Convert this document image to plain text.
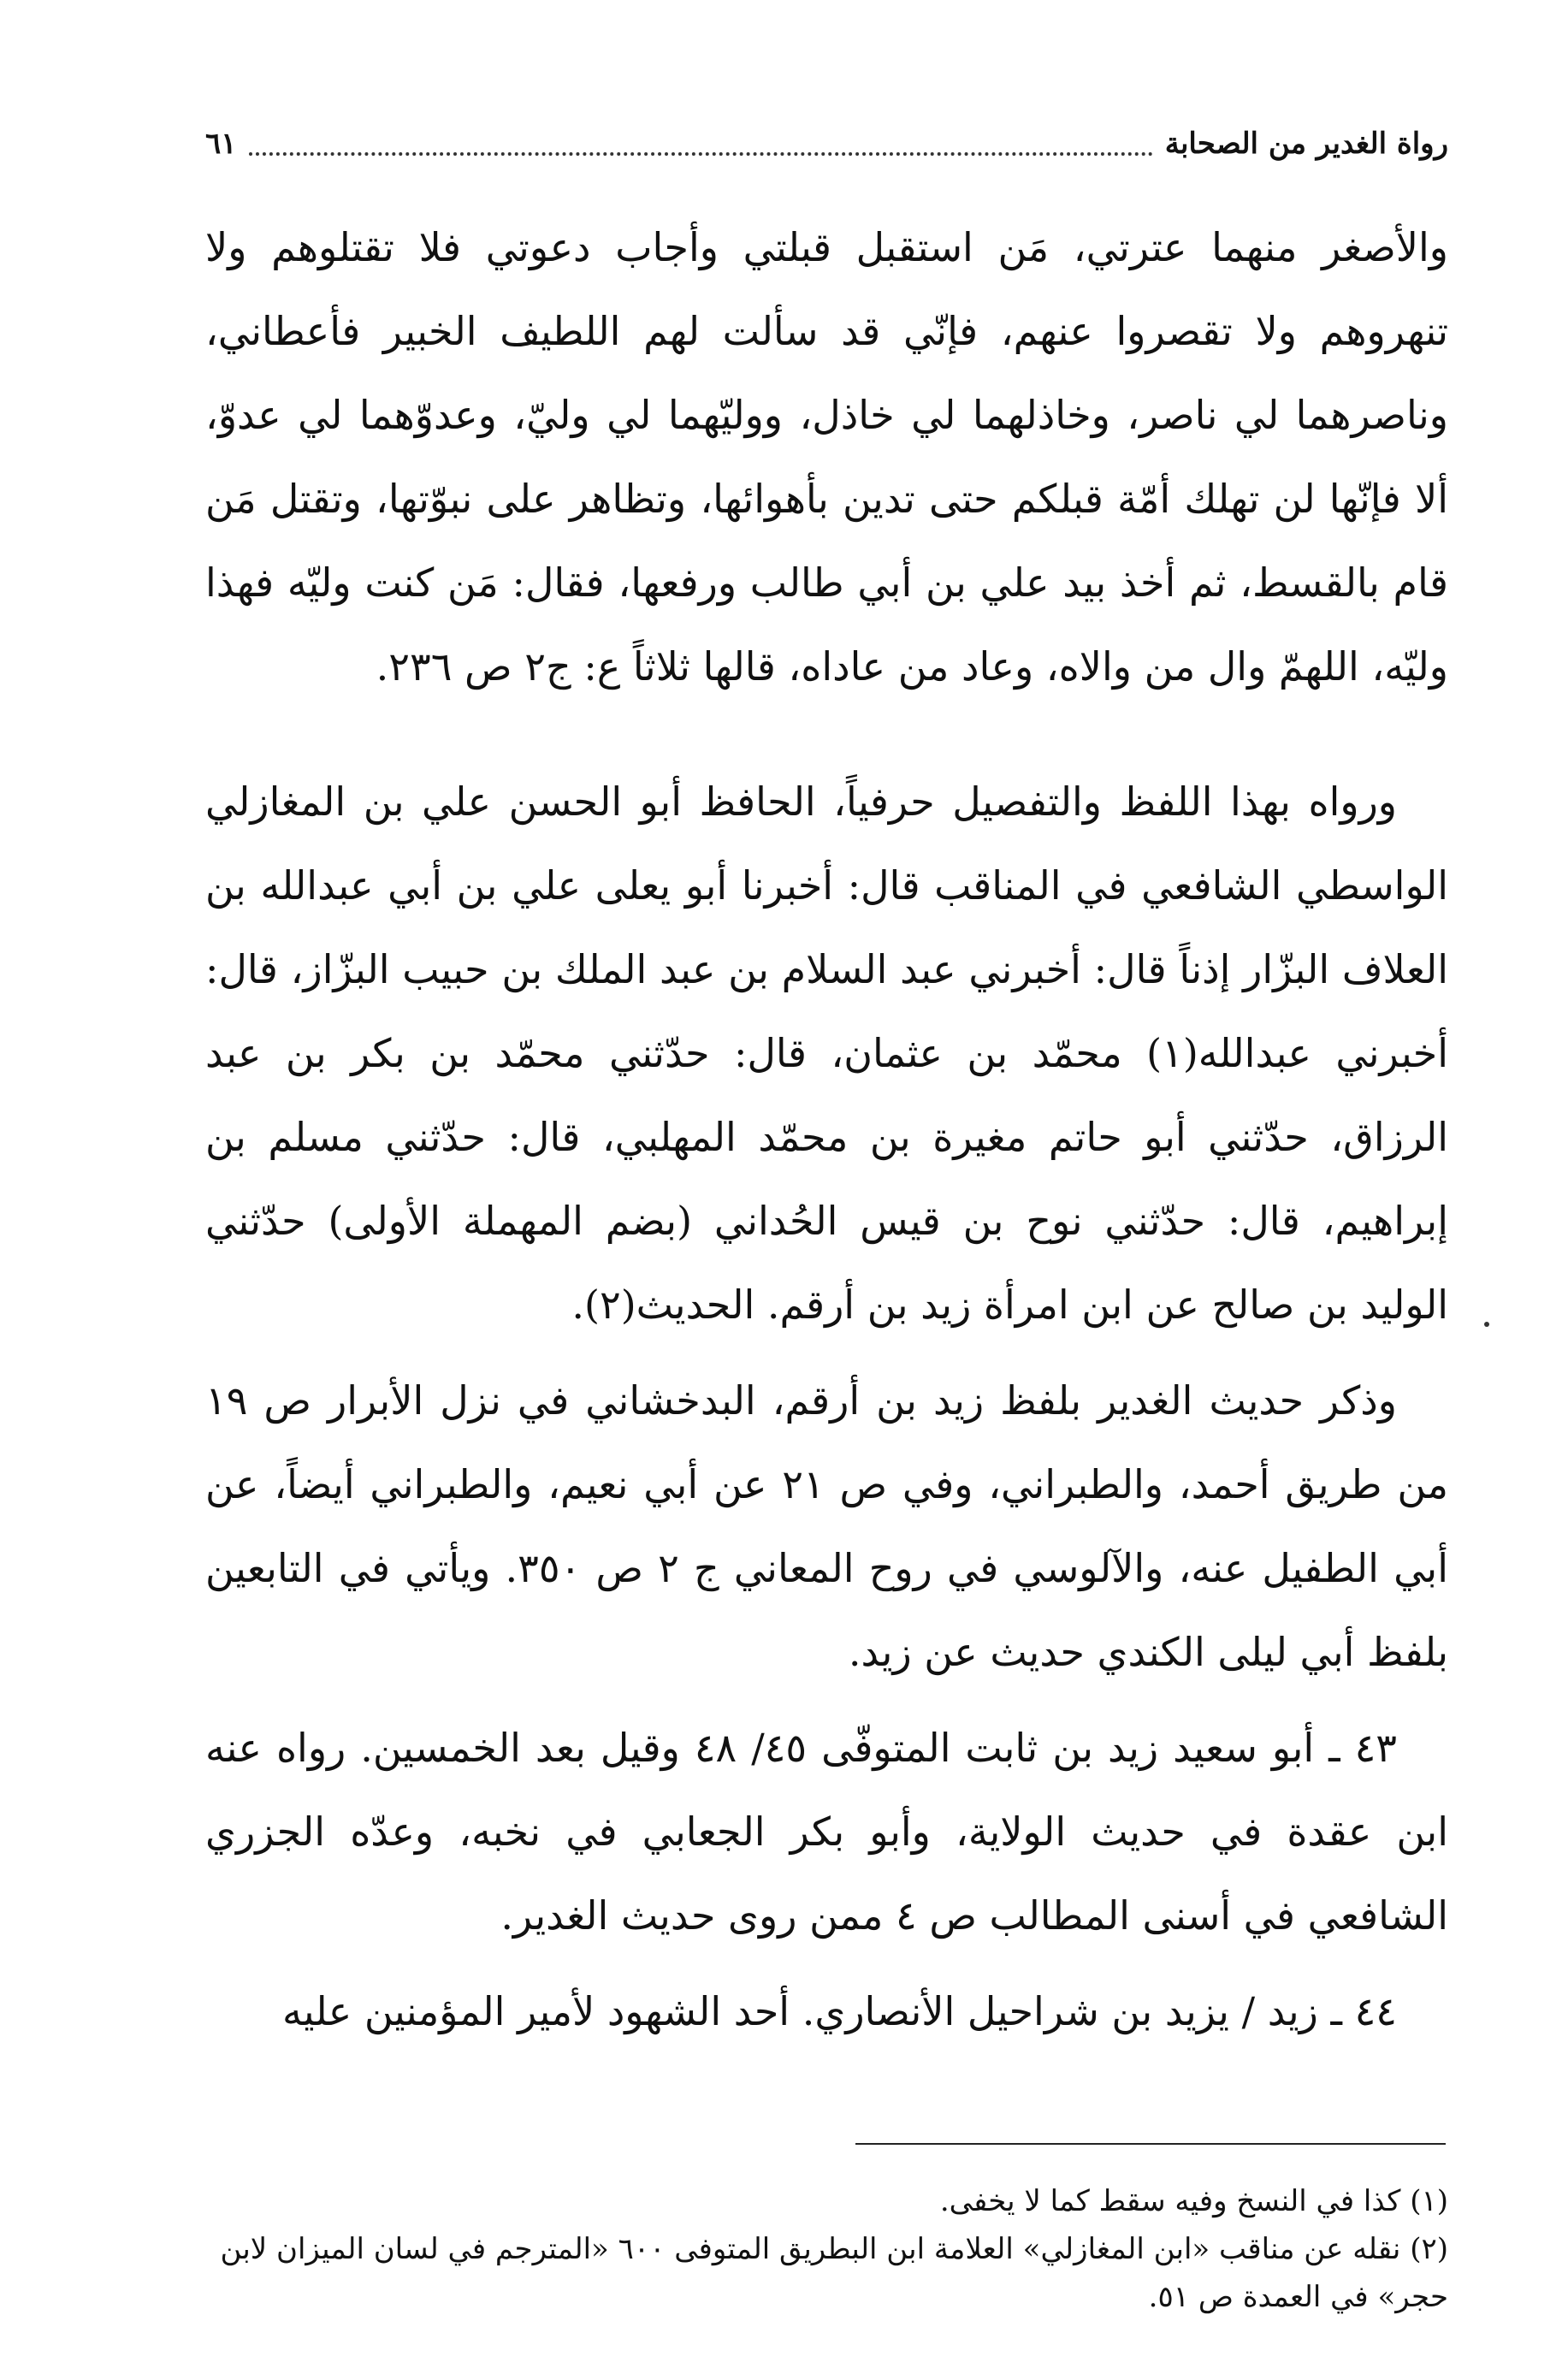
رواة الغدير من الصحابة
٦١

والأصغر منهما عترتي، مَن استقبل قبلتي وأجاب دعوتي فلا تقتلوهم ولا تنهروهم ولا تقصروا عنهم، فإنّي قد سألت لهم اللطيف الخبير فأعطاني، وناصرهما لي ناصر، وخاذلهما لي خاذل، ووليّهما لي وليّ، وعدوّهما لي عدوّ، ألا فإنّها لن تهلك أمّة قبلكم حتى تدين بأهوائها، وتظاهر على نبوّتها، وتقتل مَن قام بالقسط، ثم أخذ بيد علي بن أبي طالب ورفعها، فقال: مَن كنت وليّه فهذا وليّه، اللهمّ وال من والاه، وعاد من عاداه، قالها ثلاثاً ع: ج٢ ص ٢٣٦.

ورواه بهذا اللفظ والتفصيل حرفياً، الحافظ أبو الحسن علي بن المغازلي الواسطي الشافعي في المناقب قال: أخبرنا أبو يعلى علي بن أبي عبدالله بن العلاف البزّار إذناً قال: أخبرني عبد السلام بن عبد الملك بن حبيب البزّاز، قال: أخبرني عبدالله(١) محمّد بن عثمان، قال: حدّثني محمّد بن بكر بن عبد الرزاق، حدّثني أبو حاتم مغيرة بن محمّد المهلبي، قال: حدّثني مسلم بن إبراهيم، قال: حدّثني نوح بن قيس الحُداني (بضم المهملة الأولى) حدّثني الوليد بن صالح عن ابن امرأة زيد بن أرقم. الحديث(٢).

وذكر حديث الغدير بلفظ زيد بن أرقم، البدخشاني في نزل الأبرار ص ١٩ من طريق أحمد، والطبراني، وفي ص ٢١ عن أبي نعيم، والطبراني أيضاً، عن أبي الطفيل عنه، والآلوسي في روح المعاني ج ٢ ص ٣٥٠. ويأتي في التابعين بلفظ أبي ليلى الكندي حديث عن زيد.

٤٣ ـ أبو سعيد زيد بن ثابت المتوفّى ٤٥/ ٤٨ وقيل بعد الخمسين. رواه عنه ابن عقدة في حديث الولاية، وأبو بكر الجعابي في نخبه، وعدّه الجزري الشافعي في أسنى المطالب ص ٤ ممن روى حديث الغدير.

٤٤ ـ زيد / يزيد بن شراحيل الأنصاري. أحد الشهود لأمير المؤمنين عليه

(١) كذا في النسخ وفيه سقط كما لا يخفى.

(٢) نقله عن مناقب «ابن المغازلي» العلامة ابن البطريق المتوفى ٦٠٠ «المترجم في لسان الميزان لابن حجر» في العمدة ص ٥١.
